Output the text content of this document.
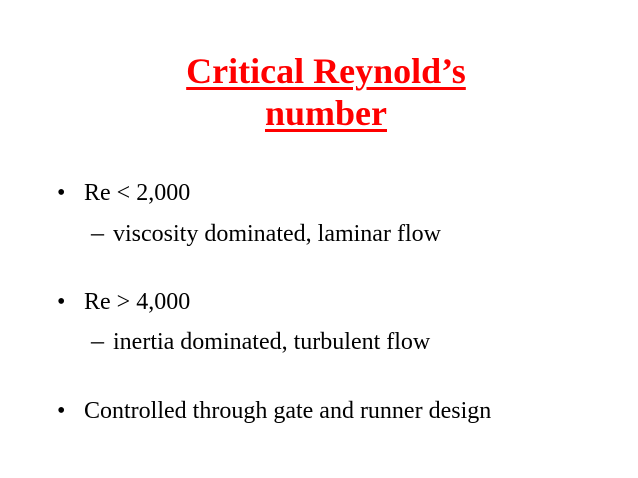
Critical Reynold’s
number
• Re < 2,000
– viscosity dominated, laminar flow
• Re > 4,000
– inertia dominated, turbulent flow
• Controlled through gate and runner design
